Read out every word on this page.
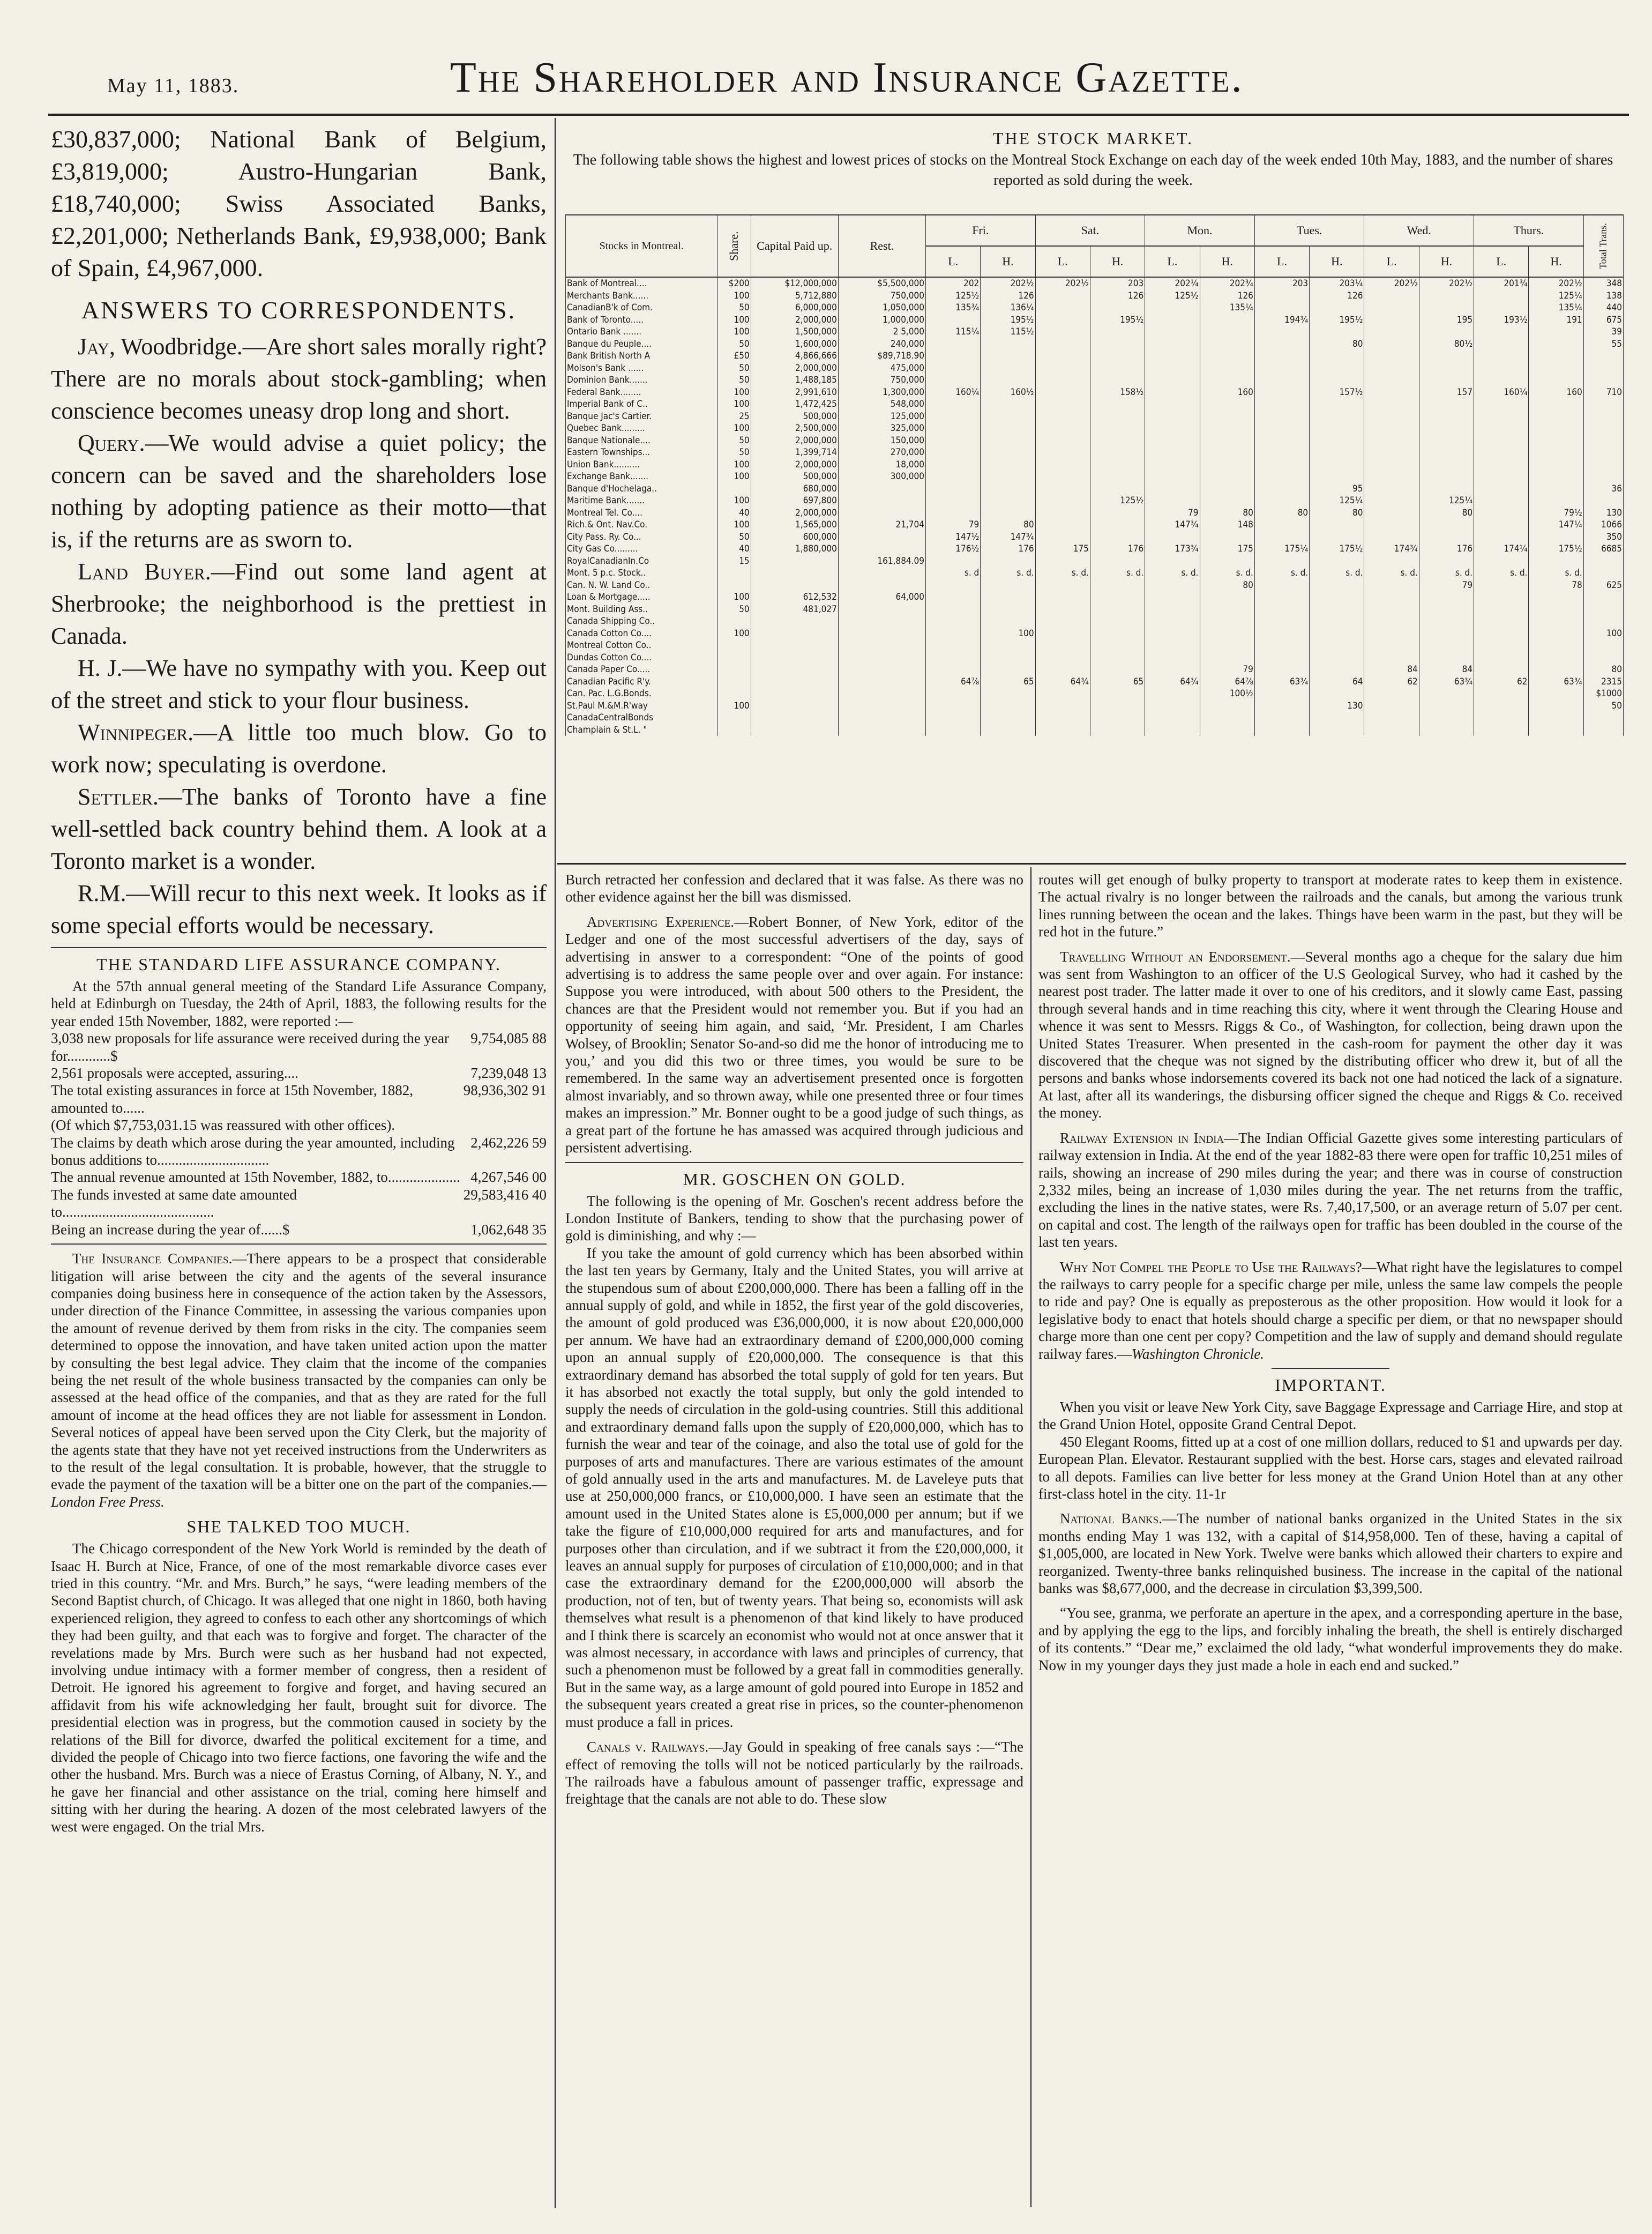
May 11, 1883.	The Shareholder and Insurance Gazette.

£30,837,000; National Bank of Belgium, £3,819,000; Austro-Hungarian Bank, £18,740,000; Swiss Associated Banks, £2,201,000; Netherlands Bank, £9,938,000; Bank of Spain, £4,967,000.

ANSWERS TO CORRESPONDENTS.

Jay, Woodbridge.—Are short sales morally right? There are no morals about stock-gambling; when conscience becomes uneasy drop long and short.

Query.—We would advise a quiet policy; the concern can be saved and the shareholders lose nothing by adopting patience as their motto—that is, if the returns are as sworn to.

Land Buyer.—Find out some land agent at Sherbrooke; the neighborhood is the prettiest in Canada.

H. J.—We have no sympathy with you. Keep out of the street and stick to your flour business.

Winnipeger.—A little too much blow. Go to work now; speculating is overdone.

Settler.—The banks of Toronto have a fine well-settled back country behind them. A look at a Toronto market is a wonder.

R.M.—Will recur to this next week. It looks as if some special efforts would be necessary.

THE STANDARD LIFE ASSURANCE COMPANY.

At the 57th annual general meeting of the Standard Life Assurance Company, held at Edinburgh on Tuesday, the 24th of April, 1883, the following results for the year ended 15th November, 1882, were reported :—

3,038 new proposals for life assurance were received during the year for............$
9,754,085 88
2,561 proposals were accepted, assuring....	7,239,048 13
The total existing assurances in force at 15th November, 1882, amounted to......
98,936,302 91
(Of which $7,753,031.15 was reassured with other offices).
The claims by death which arose during the year amounted, including bonus additions to...............................
2,462,226 59
The annual revenue amounted at 15th November, 1882, to.................... 4,267,546 00
The funds invested at same date amounted to..........................................
29,583,416 40
Being an increase during the year of......$	1,062,648 35

The Insurance Companies.—There appears to be a prospect that considerable litigation will arise between the city and the agents of the several insurance companies doing business here in consequence of the action taken by the Assessors, under direction of the Finance Committee, in assessing the various companies upon the amount of revenue derived by them from risks in the city. The companies seem determined to oppose the innovation, and have taken united action upon the matter by consulting the best legal advice. They claim that the income of the companies being the net result of the whole business transacted by the companies can only be assessed at the head office of the companies, and that as they are rated for the full amount of income at the head offices they are not liable for assessment in London. Several notices of appeal have been served upon the City Clerk, but the majority of the agents state that they have not yet received instructions from the Underwriters as to the result of the legal consultation. It is probable, however, that the struggle to evade the payment of the taxation will be a bitter one on the part of the companies.—London Free Press.

SHE TALKED TOO MUCH.

The Chicago correspondent of the New York World is reminded by the death of Isaac H. Burch at Nice, France, of one of the most remarkable divorce cases ever tried in this country. “Mr. and Mrs. Burch,” he says, “were leading members of the Second Baptist church, of Chicago. It was alleged that one night in 1860, both having experienced religion, they agreed to confess to each other any shortcomings of which they had been guilty, and that each was to forgive and forget. The character of the revelations made by Mrs. Burch were such as her husband had not expected, involving undue intimacy with a former member of congress, then a resident of Detroit. He ignored his agreement to forgive and forget, and having secured an affidavit from his wife acknowledging her fault, brought suit for divorce. The presidential election was in progress, but the commotion caused in society by the relations of the Bill for divorce, dwarfed the political excitement for a time, and divided the people of Chicago into two fierce factions, one favoring the wife and the other the husband. Mrs. Burch was a niece of Erastus Corning, of Albany, N. Y., and he gave her financial and other assistance on the trial, coming here himself and sitting with her during the hearing. A dozen of the most celebrated lawyers of the west were engaged. On the trial Mrs.

THE STOCK MARKET.
The following table shows the highest and lowest prices of stocks on the Montreal Stock Exchange on each day of the week ended 10th May, 1883, and the number of shares reported as sold during the week.
Stocks in Montreal.	Share.	Capital Paid up.	Rest.	Fri.		Sat.		Mon.		Tues.		Wed.		Thurs.		Total Trans.
				L.	H.	L.	H.	L.	H.	L.	H.	L.	H.	L.	H.	
Bank of Montreal....	$200	$12,000,000	$5,500,000	202	202½	202½	203	202¼	202¾	203	203¼	202½	202½	201¾	202½	348
Merchants Bank......	100	5,712,880	750,000	125½	126		126	125½	126		126				125¼	138
CanadianB'k of Com.	50	6,000,000	1,050,000	135¾	136¼				135¼						135¼	440
Bank of Toronto.....	100	2,000,000	1,000,000		195½		195½			194¾	195½		195	193½	191	675
Ontario Bank .......	100	1,500,000	2 5,000	115¼	115½											39
Banque du Peuple....	50	1,600,000	240,000								80		80½			55
Bank British North A	£50	4,866,666	$89,718.90													
Molson's Bank ......	50	2,000,000	475,000													
Dominion Bank.......	50	1,488,185	750,000													
Federal Bank........	100	2,991,610	1,300,000	160¼	160½		158½		160		157½		157	160¼	160	710
Imperial Bank of C..	100	1,472,425	548,000													
Banque Jac's Cartier.	25	500,000	125,000													
Quebec Bank.........	100	2,500,000	325,000													
Banque Nationale....	50	2,000,000	150,000													
Eastern Townships...	50	1,399,714	270,000													
Union Bank..........	100	2,000,000	18,000													
Exchange Bank.......	100	500,000	300,000													
Banque d'Hochelaga..		680,000									95					36
Maritime Bank.......	100	697,800					125½				125¼		125¼			
Montreal Tel. Co....	40	2,000,000						79	80	80	80		80		79½	130
Rich.& Ont. Nav.Co.	100	1,565,000	21,704	79	80			147¾	148						147¼	1066
City Pass. Ry. Co...	50	600,000		147½	147¾											350
City Gas Co.........	40	1,880,000		176½	176	175	176	173¾	175	175¼	175½	174¾	176	174¼	175½	6685
RoyalCanadianIn.Co	15		161,884.09													
Mont. 5 p.c. Stock..				s. d	s. d.	s. d.	s. d.	s. d.	s. d.	s. d.	s. d.	s. d.	s. d.	s. d.	s. d.	
Can. N. W. Land Co..									80				79		78	625
Loan & Mortgage.....	100	612,532	64,000													
Mont. Building Ass..	50	481,027														
Canada Shipping Co..																
Canada Cotton Co....	100				100											100
Montreal Cotton Co..																
Dundas Cotton Co....																
Canada Paper Co.....									79			84	84			80
Canadian Pacific R'y.				64⅞	65	64¾	65	64¾	64⅞	63¾	64	62	63¾	62	63¾	2315
Can. Pac. L.G.Bonds.									100½							$1000
St.Paul M.&M.R'way	100										130					50
CanadaCentralBonds																
Champlain & St.L. "																

Burch retracted her confession and declared that it was false. As there was no other evidence against her the bill was dismissed.

Advertising Experience.—Robert Bonner, of New York, editor of the Ledger and one of the most successful advertisers of the day, says of advertising in answer to a correspondent: “One of the points of good advertising is to address the same people over and over again. For instance: Suppose you were introduced, with about 500 others to the President, the chances are that the President would not remember you. But if you had an opportunity of seeing him again, and said, ‘Mr. President, I am Charles Wolsey, of Brooklin; Senator So-and-so did me the honor of introducing me to you,’ and you did this two or three times, you would be sure to be remembered. In the same way an advertisement presented once is forgotten almost invariably, and so thrown away, while one presented three or four times makes an impression.” Mr. Bonner ought to be a good judge of such things, as a great part of the fortune he has amassed was acquired through judicious and persistent advertising.

MR. GOSCHEN ON GOLD.

The following is the opening of Mr. Goschen's recent address before the London Institute of Bankers, tending to show that the purchasing power of gold is diminishing, and why :—

If you take the amount of gold currency which has been absorbed within the last ten years by Germany, Italy and the United States, you will arrive at the stupendous sum of about £200,000,000. There has been a falling off in the annual supply of gold, and while in 1852, the first year of the gold discoveries, the amount of gold produced was £36,000,000, it is now about £20,000,000 per annum. We have had an extraordinary demand of £200,000,000 coming upon an annual supply of £20,000,000. The consequence is that this extraordinary demand has absorbed the total supply of gold for ten years. But it has absorbed not exactly the total supply, but only the gold intended to supply the needs of circulation in the gold-using countries. Still this additional and extraordinary demand falls upon the supply of £20,000,000, which has to furnish the wear and tear of the coinage, and also the total use of gold for the purposes of arts and manufactures. There are various estimates of the amount of gold annually used in the arts and manufactures. M. de Laveleye puts that use at 250,000,000 francs, or £10,000,000. I have seen an estimate that the amount used in the United States alone is £5,000,000 per annum; but if we take the figure of £10,000,000 required for arts and manufactures, and for purposes other than circulation, and if we subtract it from the £20,000,000, it leaves an annual supply for purposes of circulation of £10,000,000; and in that case the extraordinary demand for the £200,000,000 will absorb the production, not of ten, but of twenty years. That being so, economists will ask themselves what result is a phenomenon of that kind likely to have produced and I think there is scarcely an economist who would not at once answer that it was almost necessary, in accordance with laws and principles of currency, that such a phenomenon must be followed by a great fall in commodities generally. But in the same way, as a large amount of gold poured into Europe in 1852 and the subsequent years created a great rise in prices, so the counter-phenomenon must produce a fall in prices.

Canals v. Railways.—Jay Gould in speaking of free canals says :—“The effect of removing the tolls will not be noticed particularly by the railroads. The railroads have a fabulous amount of passenger traffic, expressage and freightage that the canals are not able to do. These slow

routes will get enough of bulky property to transport at moderate rates to keep them in existence. The actual rivalry is no longer between the railroads and the canals, but among the various trunk lines running between the ocean and the lakes. Things have been warm in the past, but they will be red hot in the future.”

Travelling Without an Endorsement.—Several months ago a cheque for the salary due him was sent from Washington to an officer of the U.S Geological Survey, who had it cashed by the nearest post trader. The latter made it over to one of his creditors, and it slowly came East, passing through several hands and in time reaching this city, where it went through the Clearing House and whence it was sent to Messrs. Riggs & Co., of Washington, for collection, being drawn upon the United States Treasurer. When presented in the cash-room for payment the other day it was discovered that the cheque was not signed by the distributing officer who drew it, but of all the persons and banks whose indorsements covered its back not one had noticed the lack of a signature. At last, after all its wanderings, the disbursing officer signed the cheque and Riggs & Co. received the money.

Railway Extension in India—The Indian Official Gazette gives some interesting particulars of railway extension in India. At the end of the year 1882-83 there were open for traffic 10,251 miles of rails, showing an increase of 290 miles during the year; and there was in course of construction 2,332 miles, being an increase of 1,030 miles during the year. The net returns from the traffic, excluding the lines in the native states, were Rs. 7,40,17,500, or an average return of 5.07 per cent. on capital and cost. The length of the railways open for traffic has been doubled in the course of the last ten years.

Why Not Compel the People to Use the Railways?—What right have the legislatures to compel the railways to carry people for a specific charge per mile, unless the same law compels the people to ride and pay? One is equally as preposterous as the other proposition. How would it look for a legislative body to enact that hotels should charge a specific per diem, or that no newspaper should charge more than one cent per copy? Competition and the law of supply and demand should regulate railway fares.—Washington Chronicle.

IMPORTANT.

When you visit or leave New York City, save Baggage Expressage and Carriage Hire, and stop at the Grand Union Hotel, opposite Grand Central Depot.

450 Elegant Rooms, fitted up at a cost of one million dollars, reduced to $1 and upwards per day. European Plan. Elevator. Restaurant supplied with the best. Horse cars, stages and elevated railroad to all depots. Families can live better for less money at the Grand Union Hotel than at any other first-class hotel in the city. 11-1r

National Banks.—The number of national banks organized in the United States in the six months ending May 1 was 132, with a capital of $14,958,000. Ten of these, having a capital of $1,005,000, are located in New York. Twelve were banks which allowed their charters to expire and reorganized. Twenty-three banks relinquished business. The increase in the capital of the national banks was $8,677,000, and the decrease in circulation $3,399,500.

“You see, granma, we perforate an aperture in the apex, and a corresponding aperture in the base, and by applying the egg to the lips, and forcibly inhaling the breath, the shell is entirely discharged of its contents.” “Dear me,” exclaimed the old lady, “what wonderful improvements they do make. Now in my younger days they just made a hole in each end and sucked.”
